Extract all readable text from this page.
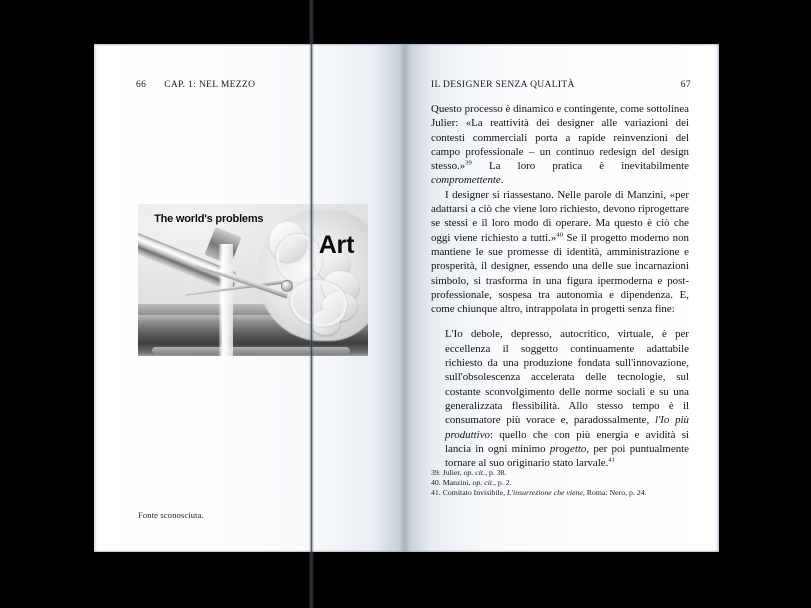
66 CAP. 1: NEL MEZZO
The world's problems
Art
Fonte sconosciuta.
IL DESIGNER SENZA QUALITÀ	67

Questo processo è dinamico e contingente, come sottolinea Julier: «La reattività dei designer alle variazioni dei contesti commerciali porta a rapide reinvenzioni del campo professionale – un continuo redesign del design stesso.»$^{39}$ La loro pratica è inevitabilmente compromettente.

I designer si riassestano. Nelle parole di Manzini, «per adattarsi a ciò che viene loro richiesto, devono riprogettare se stessi e il loro modo di operare. Ma questo è ciò che oggi viene richiesto a tutti.»$^{40}$ Se il progetto moderno non mantiene le sue promesse di identità, amministrazione e prosperità, il designer, essendo una delle sue incarnazioni simbolo, si trasforma in una figura ipermoderna e post-professionale, sospesa tra autonomia e dipendenza. E, come chiunque altro, intrappolata in progetti senza fine:

L'Io debole, depresso, autocritico, virtuale, è per eccellenza il soggetto continuamente adattabile richiesto da una produzione fondata sull'innovazione, sull'obsolescenza accelerata delle tecnologie, sul costante sconvolgimento delle norme sociali e su una generalizzata flessibilità. Allo stesso tempo è il consumatore più vorace e, paradossalmente, l'Io più produttivo: quello che con più energia e avidità si lancia in ogni minimo progetto, per poi puntualmente tornare al suo originario stato larvale.$^{41}$

39. Julier, op. cit., p. 38.
40. Manzini, op. cit., p. 2.
41. Comitato Invisibile, L'insurrezione che viene, Roma: Nero, p. 24.
